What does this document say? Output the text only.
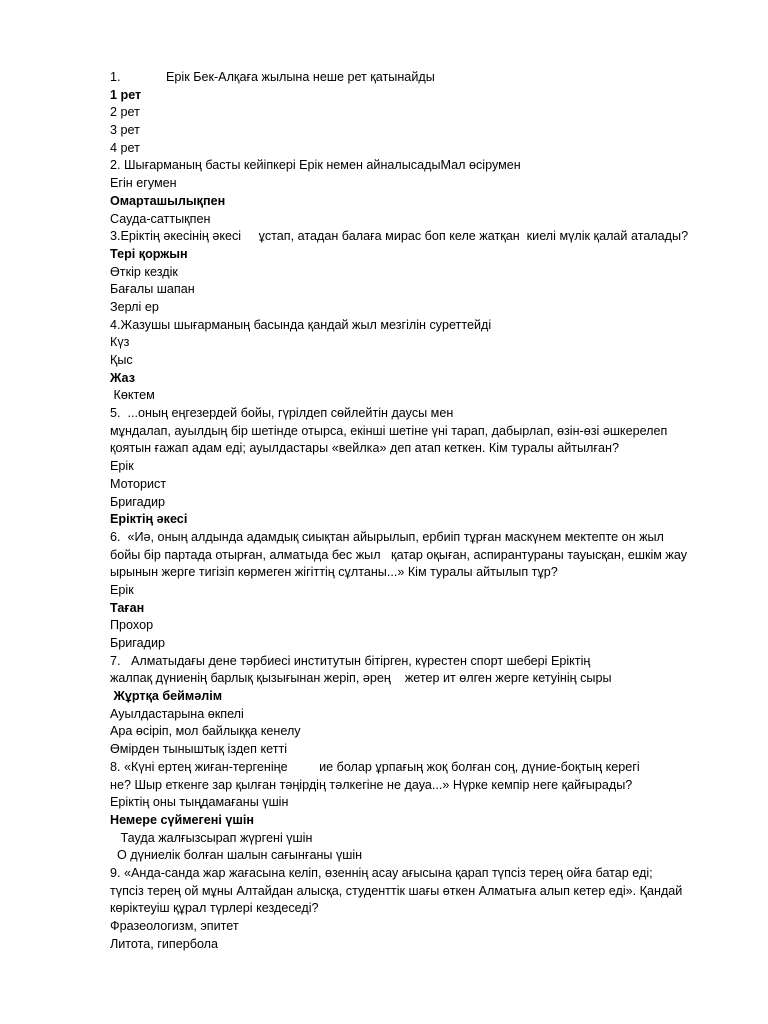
1.	Ерік Бек-Алқаға жылына неше рет қатынайды
1 рет
2 рет
3 рет
4 рет
2. Шығарманың басты кейіпкері Ерік немен айналысадыМал өсірумен
Егін егумен
Омарташылықпен
Сауда-саттықпен
3.Еріктің әкесінің әкесі     ұстап, атадан балаға мирас боп келе жатқан  киелі мүлік қалай аталады?
Тері қоржын
Өткір кездік
Бағалы шапан
Зерлі ер
4.Жазушы шығарманың басында қандай жыл мезгілін суреттейді
Күз
Қыс
Жаз
Көктем
5.  ...оның еңгезердей бойы, гүрілдеп сөйлейтін даусы мен
мұндалап, ауылдың бір шетінде отырса, екінші шетіне үні тарап, дабырлап, өзін-өзі әшкерелеп
қоятын ғажап адам еді; ауылдастары «вейлка» деп атап кеткен. Кім туралы айтылған?
Ерік
Моторист
Бригадир
Еріктің әкесі
6.  «Иә, оның алдында адамдық сиықтан айырылып, ербиіп тұрған маскүнем мектепте он жыл
бойы бір партада отырған, алматыда бес жыл   қатар оқыған, аспирантураны тауысқан, ешкім жау
ырынын жерге тигізіп көрмеген жігіттің сұлтаны...» Кім туралы айтылып тұр?
Ерік
Таған
Прохор
Бригадир
7.   Алматыдағы дене тәрбиесі институтын бітірген, күрестен спорт шебері Еріктің
жалпақ дүниенің барлық қызығынан жеріп, әрең    жетер ит өлген жерге кетуінің сыры
Жұртқа беймәлім
Ауылдастарына өкпелі
Ара өсіріп, мол байлыққа кенелу
Өмірден тыныштық іздеп кетті
8. «Күні ертең жиған-тергеніңе         ие болар ұрпағың жоқ болған соң, дүние-боқтың керегі
не? Шыр еткенге зар қылған тәңірдің тәлкегіне не дауа...» Нүрке кемпір неге қайғырады?
Еріктің оны тыңдамағаны үшін
Немере сүймегені үшін
Тауда жалғызсырап жүргені үшін
О дүниелік болған шалын сағынғаны үшін
9. «Анда-санда жар жағасына келіп, өзеннің асау ағысына қарап түпсіз терең ойға батар еді;
түпсіз терең ой мұны Алтайдан алысқа, студенттік шағы өткен Алматыға алып кетер еді». Қандай
көріктеуіш құрал түрлері кездеседі?
Фразеологизм, эпитет
Литота, гипербола
